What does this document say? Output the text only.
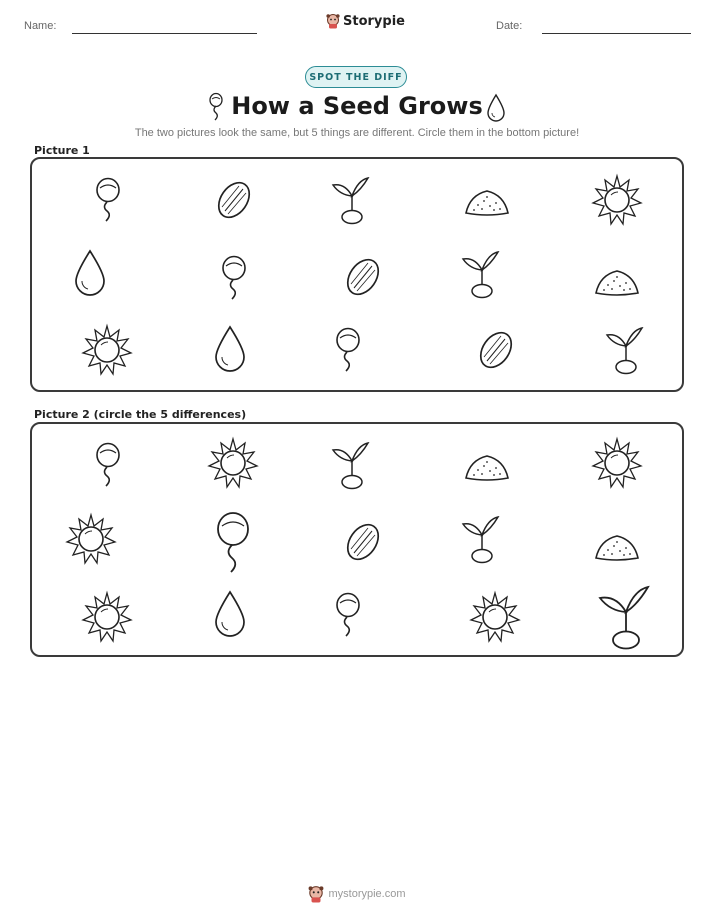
Name:	Storypie	Date:
SPOT THE DIFF
How a Seed Grows
The two pictures look the same, but 5 things are different. Circle them in the bottom picture!
Picture 1
Picture 2 (circle the 5 differences)
mystorypie.com
